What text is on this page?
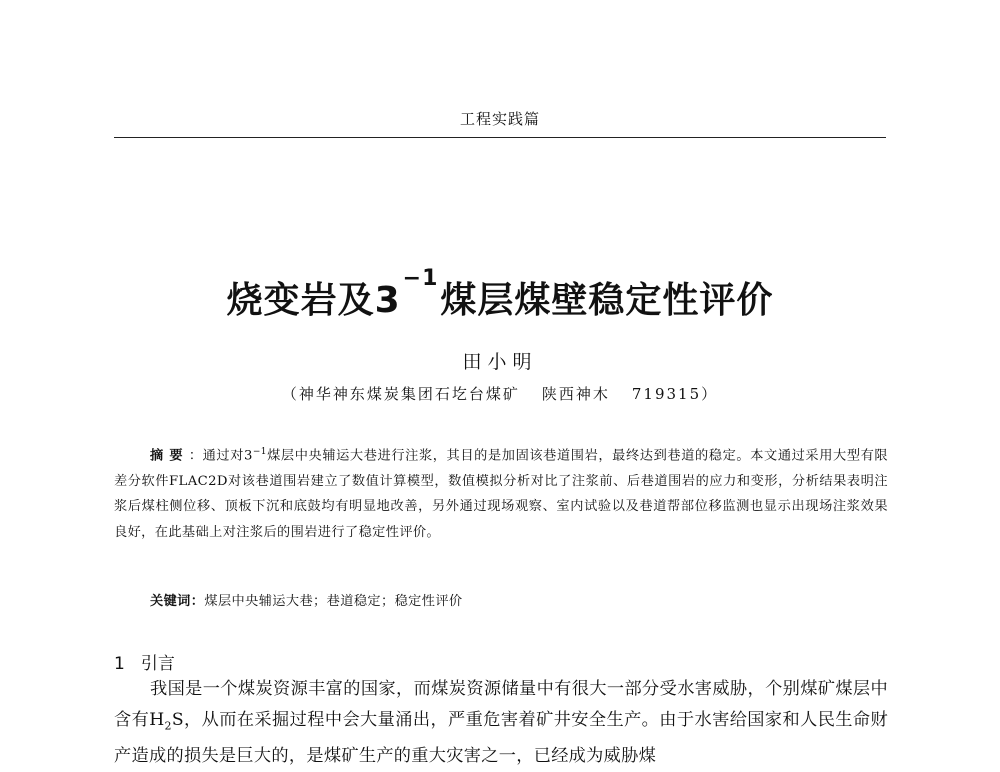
工程实践篇
烧变岩及$3^{-1}$煤层煤壁稳定性评价
田小明
（神华神东煤炭集团石圪台煤矿 陕西神木 719315）

摘要：通过对$3^{-1}$煤层中央辅运大巷进行注浆，其目的是加固该巷道围岩，最终达到巷道的稳定。本文通过采用大型有限差分软件FLAC2D对该巷道围岩建立了数值计算模型，数值模拟分析对比了注浆前、后巷道围岩的应力和变形，分析结果表明注浆后煤柱侧位移、顶板下沉和底鼓均有明显地改善，另外通过现场观察、室内试验以及巷道帮部位移监测也显示出现场注浆效果良好，在此基础上对注浆后的围岩进行了稳定性评价。

关键词：煤层中央辅运大巷；巷道稳定；稳定性评价
1 引言

我国是一个煤炭资源丰富的国家，而煤炭资源储量中有很大一部分受水害威胁，个别煤矿煤层中含有$H_2S$，从而在采掘过程中会大量涌出，严重危害着矿井安全生产。由于水害给国家和人民生命财产造成的损失是巨大的，是煤矿生产的重大灾害之一，已经成为威胁煤
